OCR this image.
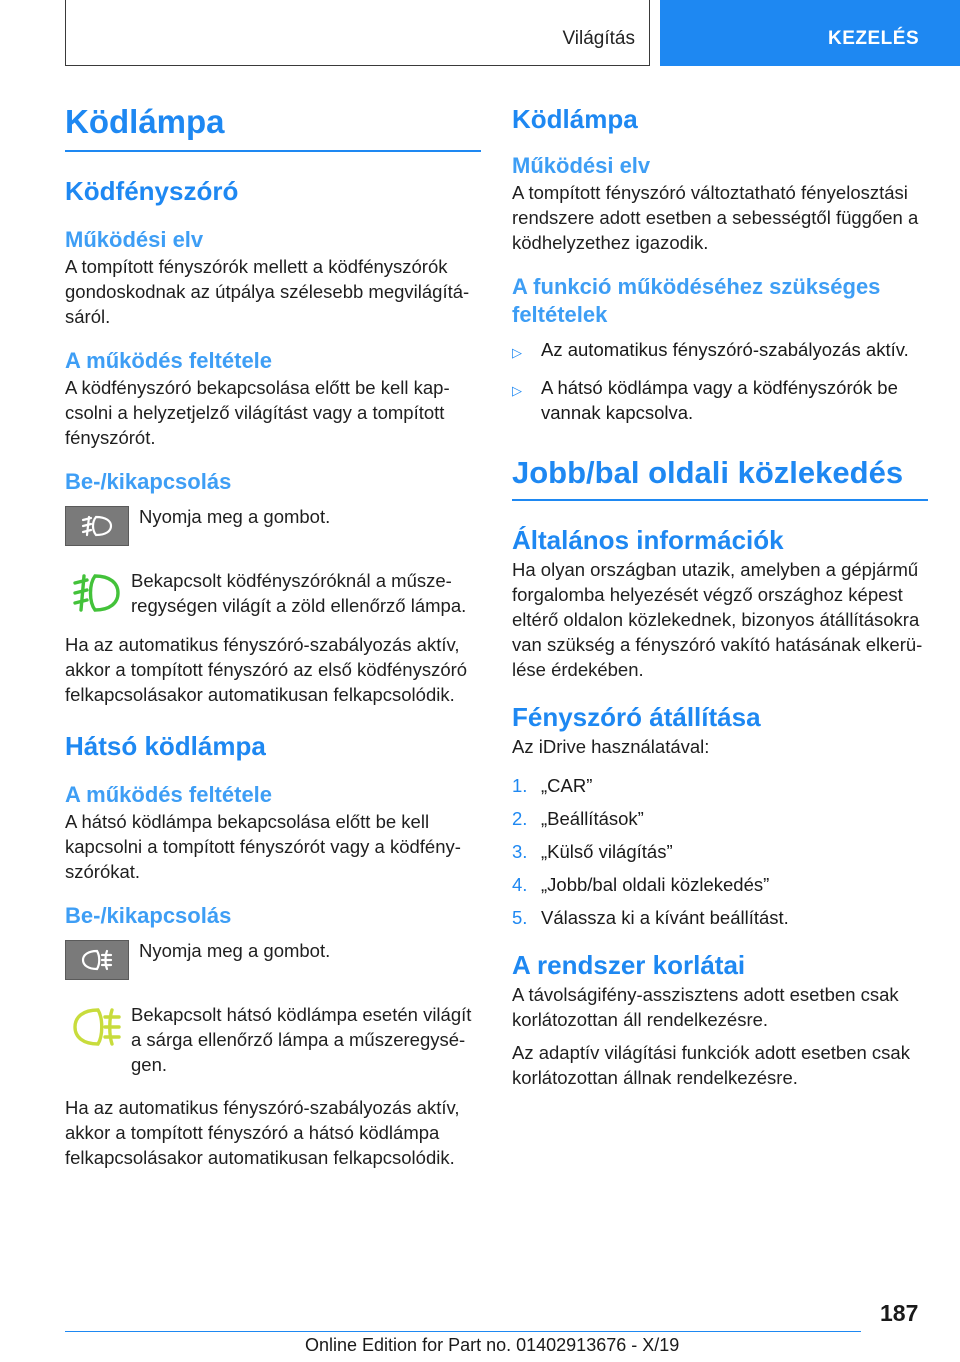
Világítás	KEZELÉS
Ködlámpa
Ködfényszóró
Működési elv

A tompított fényszórók mellett a ködfényszórók gondoskodnak az útpálya szélesebb megvilágításáról.

A működés feltétele

A ködfényszóró bekapcsolása előtt be kell kapcsolni a helyzetjelző világítást vagy a tompított fényszórót.

Be-/kikapcsolás

Nyomja meg a gombot.

Bekapcsolt ködfényszóróknál a műszeregységen világít a zöld ellenőrző lámpa.

Ha az automatikus fényszóró-szabályozás aktív, akkor a tompított fényszóró az első ködfényszóró felkapcsolásakor automatikusan felkapcsolódik.

Hátsó ködlámpa
A működés feltétele

A hátsó ködlámpa bekapcsolása előtt be kell kapcsolni a tompított fényszórót vagy a ködfényszórókat.

Be-/kikapcsolás

Nyomja meg a gombot.

Bekapcsolt hátsó ködlámpa esetén világít a sárga ellenőrző lámpa a műszeregységen.

Ha az automatikus fényszóró-szabályozás aktív, akkor a tompított fényszóró a hátsó ködlámpa felkapcsolásakor automatikusan felkapcsolódik.

Ködlámpa
Működési elv

A tompított fényszóró változtatható fényelosztási rendszere adott esetben a sebességtől függően a ködhelyzethez igazodik.

A funkció működéséhez szükséges feltételek
▷	Az automatikus fényszóró-szabályozás aktív.
▷	A hátsó ködlámpa vagy a ködfényszórók be vannak kapcsolva.
Jobb/bal oldali közlekedés
Általános információk

Ha olyan országban utazik, amelyben a gépjármű forgalomba helyezését végző országhoz képest eltérő oldalon közlekednek, bizonyos átállításokra van szükség a fényszóró vakító hatásának elkerülése érdekében.

Fényszóró átállítása

Az iDrive használatával:

1. „CAR”
2. „Beállítások”
3. „Külső világítás”
4. „Jobb/bal oldali közlekedés”
5. Válassza ki a kívánt beállítást.
A rendszer korlátai

A távolságifény-asszisztens adott esetben csak korlátozottan áll rendelkezésre.

Az adaptív világítási funkciók adott esetben csak korlátozottan állnak rendelkezésre.

187
Online Edition for Part no. 01402913676 - X/19
